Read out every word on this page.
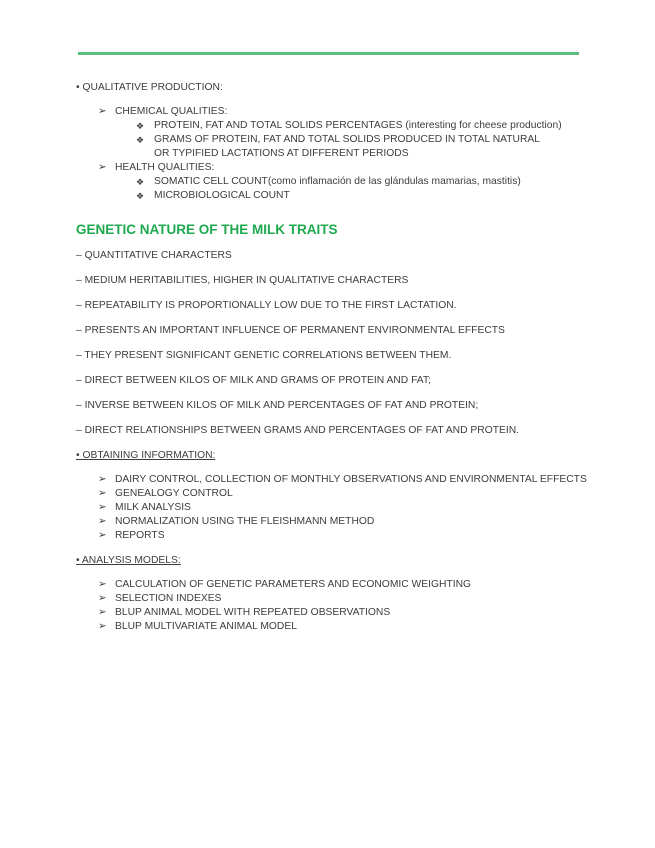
• QUALITATIVE PRODUCTION:
➢ CHEMICAL QUALITIES:
❖ PROTEIN, FAT AND TOTAL SOLIDS PERCENTAGES (interesting for cheese production)
❖ GRAMS OF PROTEIN, FAT AND TOTAL SOLIDS PRODUCED IN TOTAL NATURAL
OR TYPIFIED LACTATIONS AT DIFFERENT PERIODS
➢ HEALTH QUALITIES:
❖ SOMATIC CELL COUNT(como inflamación de las glándulas mamarias, mastitis)
❖ MICROBIOLOGICAL COUNT
GENETIC NATURE OF THE MILK TRAITS
– QUANTITATIVE CHARACTERS
– MEDIUM HERITABILITIES, HIGHER IN QUALITATIVE CHARACTERS
– REPEATABILITY IS PROPORTIONALLY LOW DUE TO THE FIRST LACTATION.
– PRESENTS AN IMPORTANT INFLUENCE OF PERMANENT ENVIRONMENTAL EFFECTS
– THEY PRESENT SIGNIFICANT GENETIC CORRELATIONS BETWEEN THEM.
– DIRECT BETWEEN KILOS OF MILK AND GRAMS OF PROTEIN AND FAT;
– INVERSE BETWEEN KILOS OF MILK AND PERCENTAGES OF FAT AND PROTEIN;
– DIRECT RELATIONSHIPS BETWEEN GRAMS AND PERCENTAGES OF FAT AND PROTEIN.
• OBTAINING INFORMATION:
➢ DAIRY CONTROL, COLLECTION OF MONTHLY OBSERVATIONS AND ENVIRONMENTAL EFFECTS
➢ GENEALOGY CONTROL
➢ MILK ANALYSIS
➢ NORMALIZATION USING THE FLEISHMANN METHOD
➢ REPORTS
• ANALYSIS MODELS:
➢ CALCULATION OF GENETIC PARAMETERS AND ECONOMIC WEIGHTING
➢ SELECTION INDEXES
➢ BLUP ANIMAL MODEL WITH REPEATED OBSERVATIONS
➢ BLUP MULTIVARIATE ANIMAL MODEL
